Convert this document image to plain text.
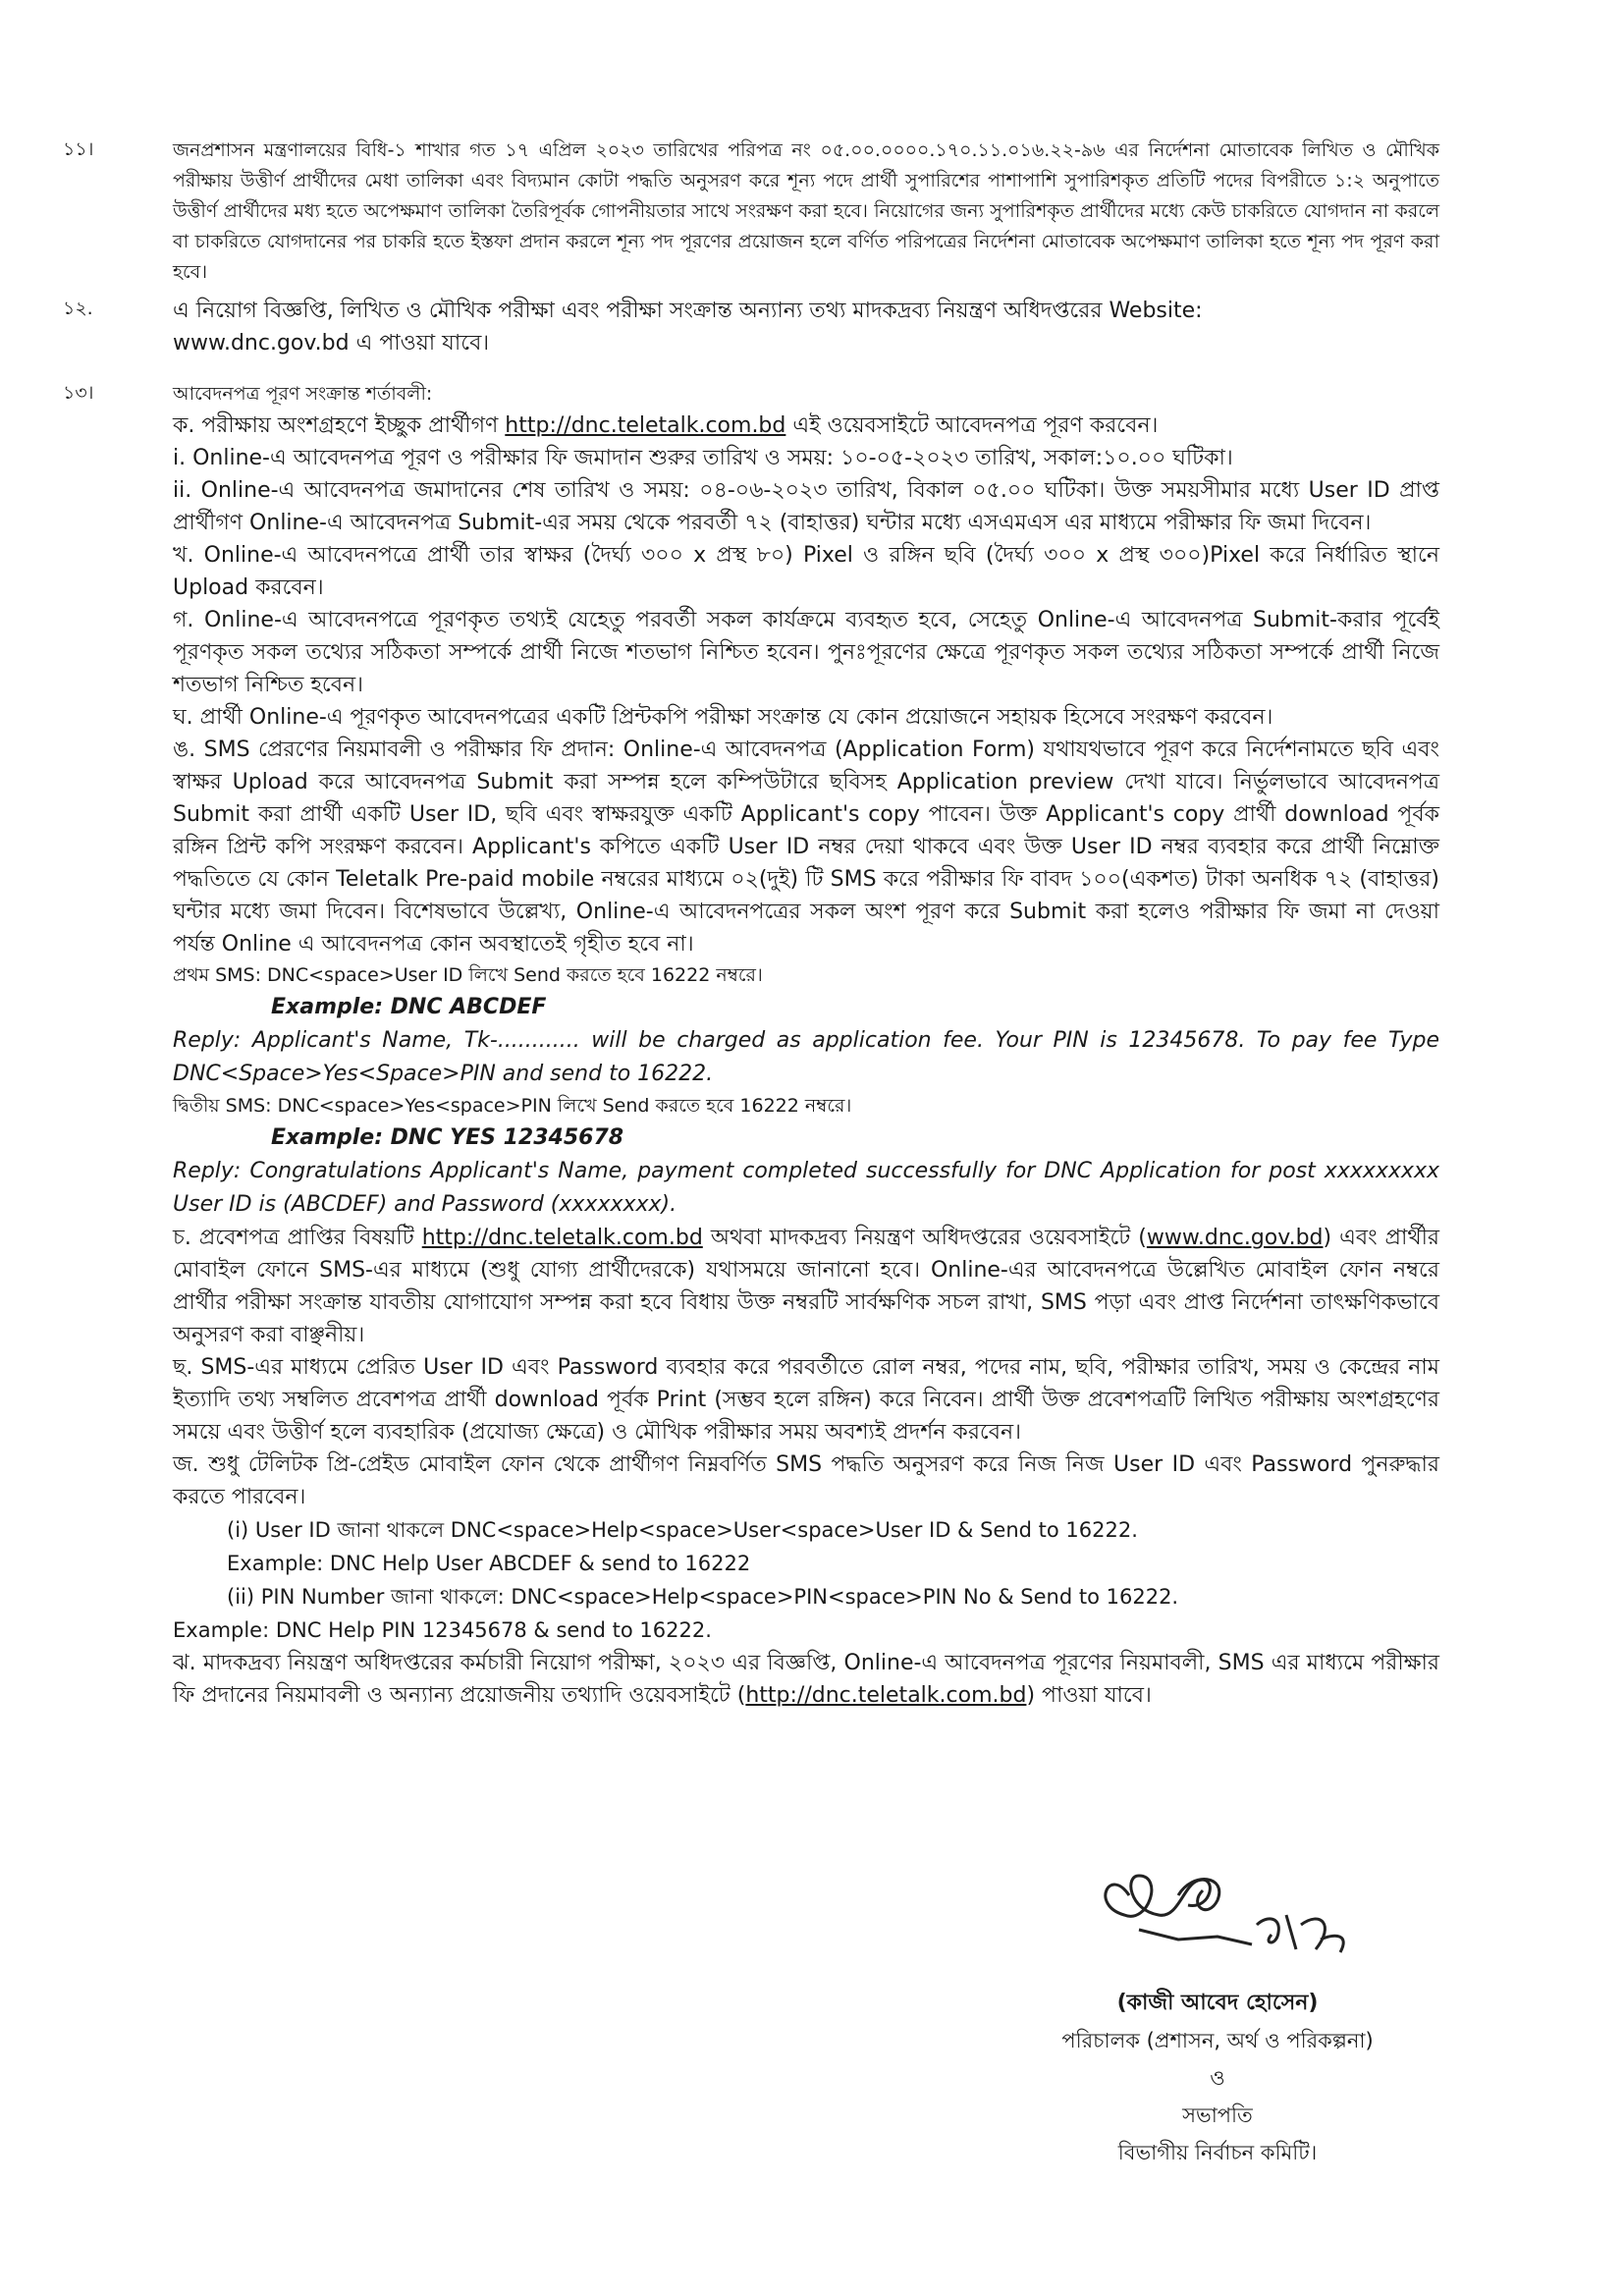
১১।	জনপ্রশাসন মন্ত্রণালয়ের বিধি-১ শাখার গত ১৭ এপ্রিল ২০২৩ তারিখের পরিপত্র নং ০৫.০০.০০০০.১৭০.১১.০১৬.২২-৯৬ এর নির্দেশনা মোতাবেক লিখিত ও মৌখিক পরীক্ষায় উত্তীর্ণ প্রার্থীদের মেধা তালিকা এবং বিদ্যমান কোটা পদ্ধতি অনুসরণ করে শূন্য পদে প্রার্থী সুপারিশের পাশাপাশি সুপারিশকৃত প্রতিটি পদের বিপরীতে ১:২ অনুপাতে উত্তীর্ণ প্রার্থীদের মধ্য হতে অপেক্ষমাণ তালিকা তৈরিপূর্বক গোপনীয়তার সাথে সংরক্ষণ করা হবে। নিয়োগের জন্য সুপারিশকৃত প্রার্থীদের মধ্যে কেউ চাকরিতে যোগদান না করলে বা চাকরিতে যোগদানের পর চাকরি হতে ইস্তফা প্রদান করলে শূন্য পদ পূরণের প্রয়োজন হলে বর্ণিত পরিপত্রের নির্দেশনা মোতাবেক অপেক্ষমাণ তালিকা হতে শূন্য পদ পূরণ করা হবে।

১২.	এ নিয়োগ বিজ্ঞপ্তি, লিখিত ও মৌখিক পরীক্ষা এবং পরীক্ষা সংক্রান্ত অন্যান্য তথ্য মাদকদ্রব্য নিয়ন্ত্রণ অধিদপ্তরের Website:
www.dnc.gov.bd এ পাওয়া যাবে।

১৩।	আবেদনপত্র পূরণ সংক্রান্ত শর্তাবলী:

ক. পরীক্ষায় অংশগ্রহণে ইচ্ছুক প্রার্থীগণ http://dnc.teletalk.com.bd এই ওয়েবসাইটে আবেদনপত্র পূরণ করবেন।

i. Online-এ আবেদনপত্র পূরণ ও পরীক্ষার ফি জমাদান শুরুর তারিখ ও সময়: ১০-০৫-২০২৩ তারিখ, সকাল:১০.০০ ঘটিকা।

ii. Online-এ আবেদনপত্র জমাদানের শেষ তারিখ ও সময়: ০৪-০৬-২০২৩ তারিখ, বিকাল ০৫.০০ ঘটিকা। উক্ত সময়সীমার মধ্যে User ID প্রাপ্ত প্রার্থীগণ Online-এ আবেদনপত্র Submit-এর সময় থেকে পরবর্তী ৭২ (বাহাত্তর) ঘন্টার মধ্যে এসএমএস এর মাধ্যমে পরীক্ষার ফি জমা দিবেন।

খ. Online-এ আবেদনপত্রে প্রার্থী তার স্বাক্ষর (দৈর্ঘ্য ৩০০ x প্রস্থ ৮০) Pixel ও রঙ্গিন ছবি (দৈর্ঘ্য ৩০০ x প্রস্থ ৩০০)Pixel করে নির্ধারিত স্থানে Upload করবেন।

গ. Online-এ আবেদনপত্রে পূরণকৃত তথ্যই যেহেতু পরবর্তী সকল কার্যক্রমে ব্যবহৃত হবে, সেহেতু Online-এ আবেদনপত্র Submit-করার পূর্বেই পূরণকৃত সকল তথ্যের সঠিকতা সম্পর্কে প্রার্থী নিজে শতভাগ নিশ্চিত হবেন। পুনঃপূরণের ক্ষেত্রে পূরণকৃত সকল তথ্যের সঠিকতা সম্পর্কে প্রার্থী নিজে শতভাগ নিশ্চিত হবেন।

ঘ. প্রার্থী Online-এ পূরণকৃত আবেদনপত্রের একটি প্রিন্টকপি পরীক্ষা সংক্রান্ত যে কোন প্রয়োজনে সহায়ক হিসেবে সংরক্ষণ করবেন।

ঙ. SMS প্রেরণের নিয়মাবলী ও পরীক্ষার ফি প্রদান: Online-এ আবেদনপত্র (Application Form) যথাযথভাবে পূরণ করে নির্দেশনামতে ছবি এবং স্বাক্ষর Upload করে আবেদনপত্র Submit করা সম্পন্ন হলে কম্পিউটারে ছবিসহ Application preview দেখা যাবে। নির্ভুলভাবে আবেদনপত্র Submit করা প্রার্থী একটি User ID, ছবি এবং স্বাক্ষরযুক্ত একটি Applicant's copy পাবেন। উক্ত Applicant's copy প্রার্থী download পূর্বক রঙ্গিন প্রিন্ট কপি সংরক্ষণ করবেন। Applicant's কপিতে একটি User ID নম্বর দেয়া থাকবে এবং উক্ত User ID নম্বর ব্যবহার করে প্রার্থী নিম্নোক্ত পদ্ধতিতে যে কোন Teletalk Pre-paid mobile নম্বরের মাধ্যমে ০২(দুই) টি SMS করে পরীক্ষার ফি বাবদ ১০০(একশত) টাকা অনধিক ৭২ (বাহাত্তর) ঘন্টার মধ্যে জমা দিবেন। বিশেষভাবে উল্লেখ্য, Online-এ আবেদনপত্রের সকল অংশ পূরণ করে Submit করা হলেও পরীক্ষার ফি জমা না দেওয়া পর্যন্ত Online এ আবেদনপত্র কোন অবস্থাতেই গৃহীত হবে না।

প্রথম SMS: DNC<space>User ID লিখে Send করতে হবে 16222 নম্বরে।

Example: DNC ABCDEF

Reply: Applicant's Name, Tk-............ will be charged as application fee. Your PIN is 12345678. To pay fee Type DNC<Space>Yes<Space>PIN and send to 16222.

দ্বিতীয় SMS: DNC<space>Yes<space>PIN লিখে Send করতে হবে 16222 নম্বরে।

Example: DNC YES 12345678

Reply: Congratulations Applicant's Name, payment completed successfully for DNC Application for post xxxxxxxxx User ID is (ABCDEF) and Password (xxxxxxxx).

চ. প্রবেশপত্র প্রাপ্তির বিষয়টি http://dnc.teletalk.com.bd অথবা মাদকদ্রব্য নিয়ন্ত্রণ অধিদপ্তরের ওয়েবসাইটে (www.dnc.gov.bd) এবং প্রার্থীর মোবাইল ফোনে SMS-এর মাধ্যমে (শুধু যোগ্য প্রার্থীদেরকে) যথাসময়ে জানানো হবে। Online-এর আবেদনপত্রে উল্লেখিত মোবাইল ফোন নম্বরে প্রার্থীর পরীক্ষা সংক্রান্ত যাবতীয় যোগাযোগ সম্পন্ন করা হবে বিধায় উক্ত নম্বরটি সার্বক্ষণিক সচল রাখা, SMS পড়া এবং প্রাপ্ত নির্দেশনা তাৎক্ষণিকভাবে অনুসরণ করা বাঞ্ছনীয়।

ছ. SMS-এর মাধ্যমে প্রেরিত User ID এবং Password ব্যবহার করে পরবর্তীতে রোল নম্বর, পদের নাম, ছবি, পরীক্ষার তারিখ, সময় ও কেন্দ্রের নাম ইত্যাদি তথ্য সম্বলিত প্রবেশপত্র প্রার্থী download পূর্বক Print (সম্ভব হলে রঙ্গিন) করে নিবেন। প্রার্থী উক্ত প্রবেশপত্রটি লিখিত পরীক্ষায় অংশগ্রহণের সময়ে এবং উত্তীর্ণ হলে ব্যবহারিক (প্রযোজ্য ক্ষেত্রে) ও মৌখিক পরীক্ষার সময় অবশ্যই প্রদর্শন করবেন।

জ. শুধু টেলিটক প্রি-প্রেইড মোবাইল ফোন থেকে প্রার্থীগণ নিম্নবর্ণিত SMS পদ্ধতি অনুসরণ করে নিজ নিজ User ID এবং Password পুনরুদ্ধার করতে পারবেন।

(i) User ID জানা থাকলে DNC<space>Help<space>User<space>User ID & Send to 16222.

Example: DNC Help User ABCDEF & send to 16222

(ii) PIN Number জানা থাকলে: DNC<space>Help<space>PIN<space>PIN No & Send to 16222.

Example: DNC Help PIN 12345678 & send to 16222.

ঝ. মাদকদ্রব্য নিয়ন্ত্রণ অধিদপ্তরের কর্মচারী নিয়োগ পরীক্ষা, ২০২৩ এর বিজ্ঞপ্তি, Online-এ আবেদনপত্র পূরণের নিয়মাবলী, SMS এর মাধ্যমে পরীক্ষার ফি প্রদানের নিয়মাবলী ও অন্যান্য প্রয়োজনীয় তথ্যাদি ওয়েবসাইটে (http://dnc.teletalk.com.bd) পাওয়া যাবে।

(কাজী আবেদ হোসেন)
পরিচালক (প্রশাসন, অর্থ ও পরিকল্পনা)
ও
সভাপতি
বিভাগীয় নির্বাচন কমিটি।
